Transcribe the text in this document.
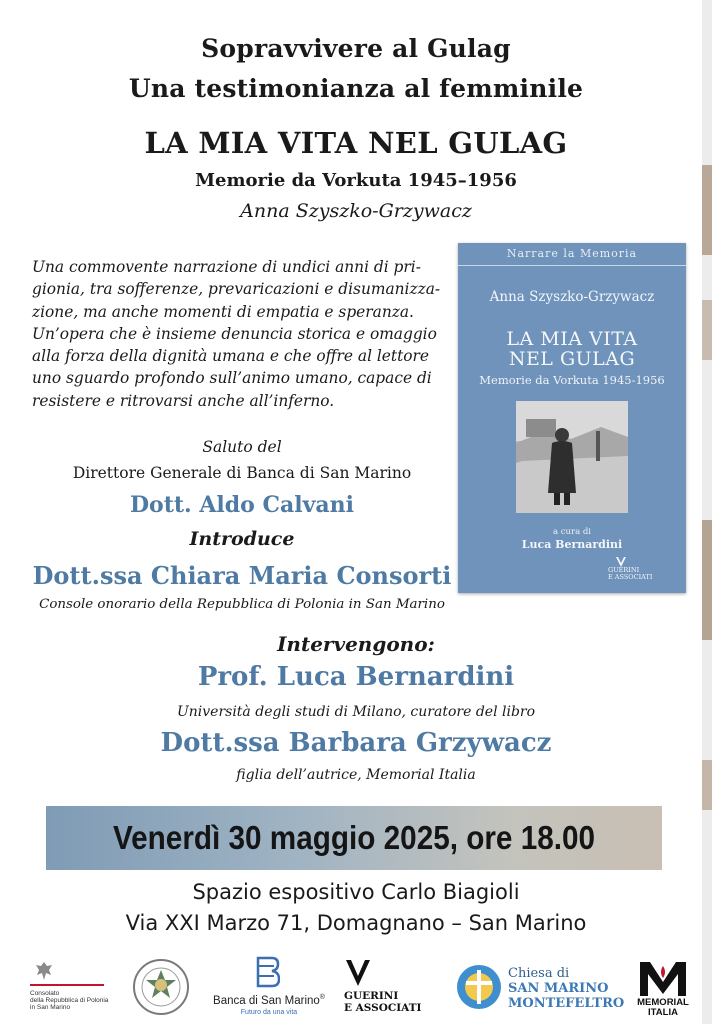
Sopravvivere al Gulag
Una testimonianza al femminile
LA MIA VITA NEL GULAG
Memorie da Vorkuta 1945–1956
Anna Szyszko-Grzywacz
Una commovente narrazione di undici anni di pri-
gionia, tra sofferenze, prevaricazioni e disumanizza-
zione, ma anche momenti di empatia e speranza.
Un’opera che è insieme denuncia storica e omaggio
alla forza della dignità umana e che offre al lettore
uno sguardo profondo sull’animo umano, capace di
resistere e ritrovarsi anche all’inferno.
Saluto del
Direttore Generale di Banca di San Marino
Dott. Aldo Calvani
Introduce
Dott.ssa Chiara Maria Consorti
Console onorario della Repubblica di Polonia in San Marino
Narrare la Memoria
Anna Szyszko-Grzywacz
LA MIA VITA
NEL GULAG
Memorie da Vorkuta 1945-1956
a cura di
Luca Bernardini
GUERINI
E ASSOCIATI
Intervengono:
Prof. Luca Bernardini
Università degli studi di Milano, curatore del libro
Dott.ssa Barbara Grzywacz
figlia dell’autrice, Memorial Italia
Venerdì 30 maggio 2025, ore 18.00
Spazio espositivo Carlo Biagioli
Via XXI Marzo 71, Domagnano – San Marino
Consolato
della Repubblica di Polonia
in San Marino
Banca di San Marino®
Futuro da una vita
GUERINI
E ASSOCIATI
Chiesa di
SAN MARINO
MONTEFELTRO MEMORIAL
ITALIA
